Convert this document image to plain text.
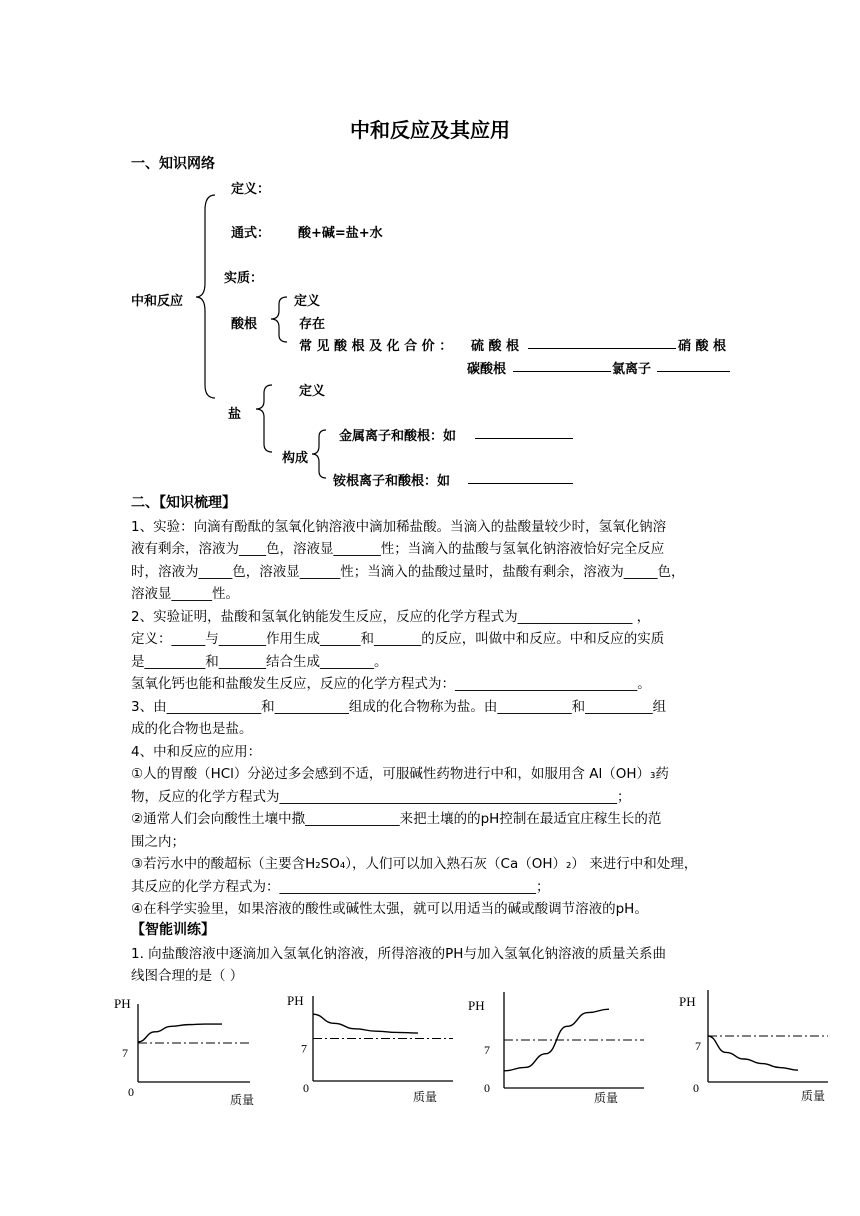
中和反应及其应用
一、知识网络
定义：
通式： 酸+碱=盐+水
实质：
中和反应
酸根
定义
存在
常 见 酸 根 及 化 合 价 ： 硫 酸 根	硝 酸 根
碳酸根	氯离子
定义
盐
构成
金属离子和酸根：如
铵根离子和酸根：如
二、【知识梳理】
1、实验：向滴有酚酞的氢氧化钠溶液中滴加稀盐酸。当滴入的盐酸量较少时，氢氧化钠溶
液有剩余，溶液为____色，溶液显_______性；当滴入的盐酸与氢氧化钠溶液恰好完全反应
时，溶液为_____色，溶液显______性；当滴入的盐酸过量时，盐酸有剩余，溶液为_____色，
溶液显______性。
2、实验证明，盐酸和氢氧化钠能发生反应，反应的化学方程式为_________________ ，
定义：_____与_______作用生成______和_______的反应，叫做中和反应。中和反应的实质
是_________和_______结合生成________。
氢氧化钙也能和盐酸发生反应，反应的化学方程式为：___________________________。
3、由______________和___________组成的化合物称为盐。由___________和__________组
成的化合物也是盐。
4、中和反应的应用：
①人的胃酸（HCl）分泌过多会感到不适，可服碱性药物进行中和，如服用含 Al（OH）₃药
物，反应的化学方程式为__________________________________________________；
②通常人们会向酸性土壤中撒______________来把土壤的的pH控制在最适宜庄稼生长的范
围之内；
③若污水中的酸超标（主要含H₂SO₄），人们可以加入熟石灰（Ca（OH）₂） 来进行中和处理，
其反应的化学方程式为：______________________________________；
④在科学实验里，如果溶液的酸性或碱性太强，就可以用适当的碱或酸调节溶液的pH。
【智能训练】
1. 向盐酸溶液中逐滴加入氢氧化钠溶液，所得溶液的PH与加入氢氧化钠溶液的质量关系曲
线图合理的是（ ）
PH
7
0
质量
PH
7
0
质量
PH
7
0
质量
PH
7
0
质量
